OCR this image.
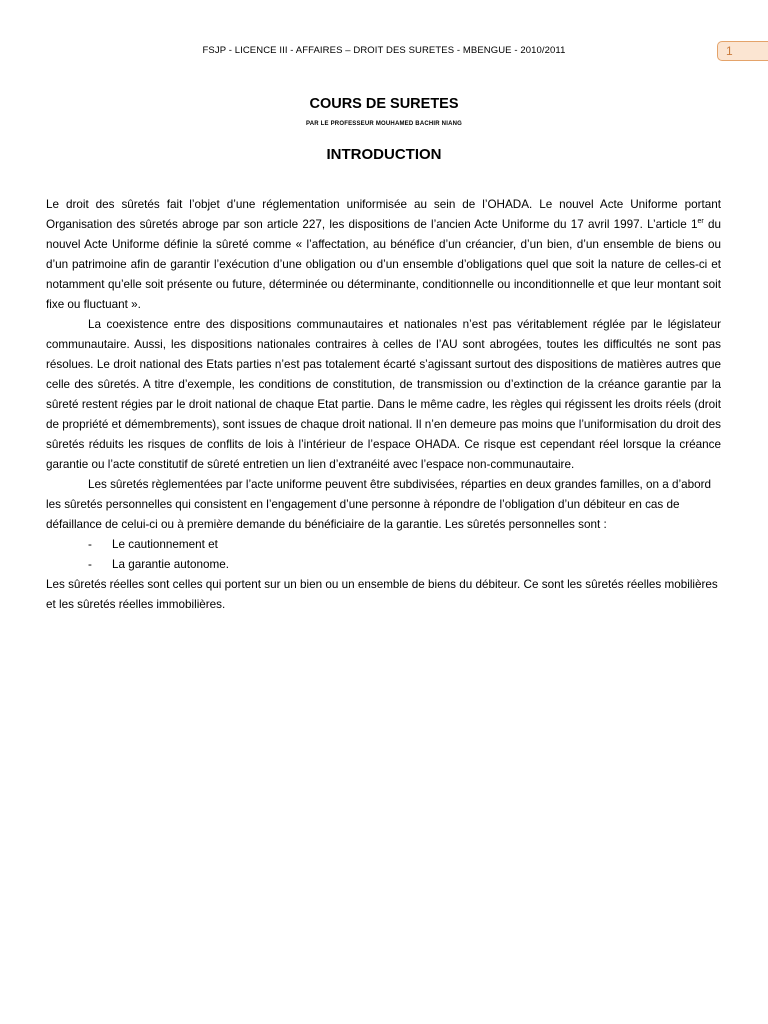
FSJP - LICENCE III - AFFAIRES – DROIT DES SURETES - MBENGUE - 2010/2011	1
COURS DE SURETES
PAR LE PROFESSEUR MOUHAMED BACHIR NIANG
INTRODUCTION

Le droit des sûretés fait l’objet d’une réglementation uniformisée au sein de l’OHADA. Le nouvel Acte Uniforme portant Organisation des sûretés abroge par son article 227, les dispositions de l’ancien Acte Uniforme du 17 avril 1997. L’article 1er du nouvel Acte Uniforme définie la sûreté comme « l’affectation, au bénéfice d’un créancier, d’un bien, d’un ensemble de biens ou d’un patrimoine afin de garantir l’exécution d’une obligation ou d’un ensemble d’obligations quel que soit la nature de celles-ci et notamment qu’elle soit présente ou future, déterminée ou déterminante, conditionnelle ou inconditionnelle et que leur montant soit fixe ou fluctuant ».

La coexistence entre des dispositions communautaires et nationales n’est pas véritablement réglée par le législateur communautaire. Aussi, les dispositions nationales contraires à celles de l’AU sont abrogées, toutes les difficultés ne sont pas résolues. Le droit national des Etats parties n’est pas totalement écarté s’agissant surtout des dispositions de matières autres que celle des sûretés. A titre d’exemple, les conditions de constitution, de transmission ou d’extinction de la créance garantie par la sûreté restent régies par le droit national de chaque Etat partie. Dans le même cadre, les règles qui régissent les droits réels (droit de propriété et démembrements), sont issues de chaque droit national. Il n’en demeure pas moins que l’uniformisation du droit des sûretés réduits les risques de conflits de lois à l’intérieur de l’espace OHADA. Ce risque est cependant réel lorsque la créance garantie ou l’acte constitutif de sûreté entretien un lien d’extranéité avec l’espace non-communautaire.

Les sûretés règlementées par l’acte uniforme peuvent être subdivisées, réparties en deux grandes familles, on a d’abord les sûretés personnelles qui consistent en l’engagement d’une personne à répondre de l’obligation d’un débiteur en cas de défaillance de celui-ci ou à première demande du bénéficiaire de la garantie. Les sûretés personnelles sont :

- Le cautionnement et
- La garantie autonome.

Les sûretés réelles sont celles qui portent sur un bien ou un ensemble de biens du débiteur. Ce sont les sûretés réelles mobilières et les sûretés réelles immobilières.
